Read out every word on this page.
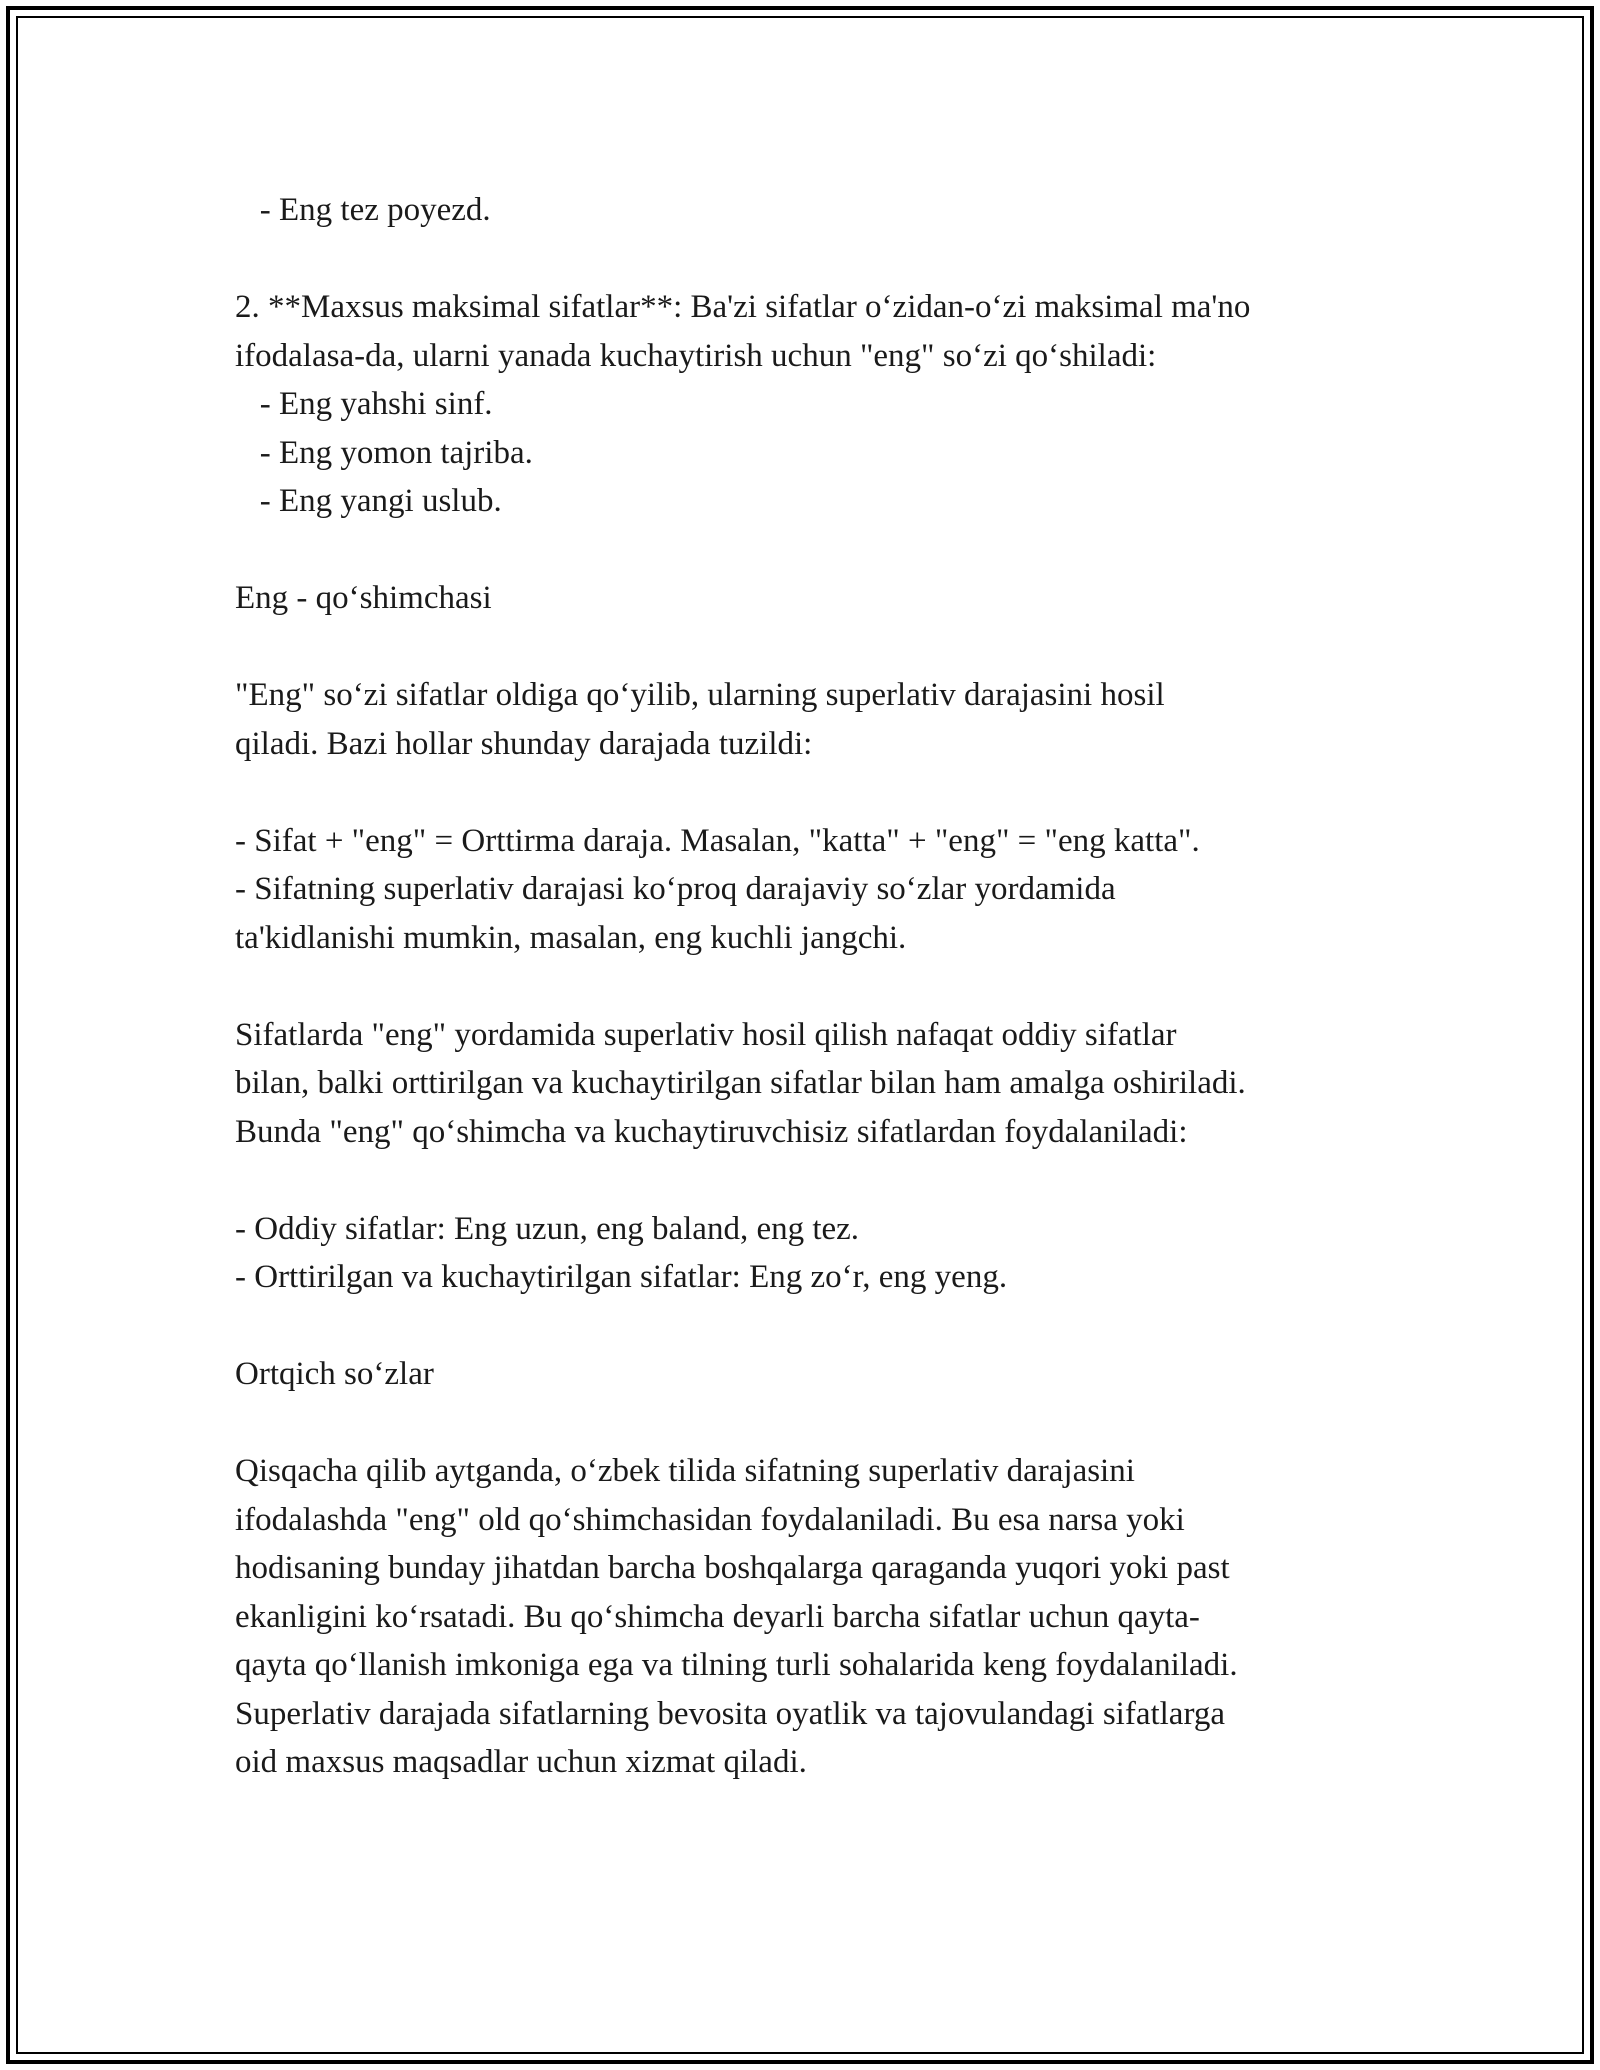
- Eng tez poyezd.
2. **Maxsus maksimal sifatlar**: Ba'zi sifatlar o‘zidan-o‘zi maksimal ma'no
ifodalasa-da, ularni yanada kuchaytirish uchun "eng" so‘zi qo‘shiladi:
- Eng yahshi sinf.
- Eng yomon tajriba.
- Eng yangi uslub.
Eng - qo‘shimchasi
"Eng" so‘zi sifatlar oldiga qo‘yilib, ularning superlativ darajasini hosil
qiladi. Bazi hollar shunday darajada tuzildi:
- Sifat + "eng" = Orttirma daraja. Masalan, "katta" + "eng" = "eng katta".
- Sifatning superlativ darajasi ko‘proq darajaviy so‘zlar yordamida
ta'kidlanishi mumkin, masalan, eng kuchli jangchi.
Sifatlarda "eng" yordamida superlativ hosil qilish nafaqat oddiy sifatlar
bilan, balki orttirilgan va kuchaytirilgan sifatlar bilan ham amalga oshiriladi.
Bunda "eng" qo‘shimcha va kuchaytiruvchisiz sifatlardan foydalaniladi:
- Oddiy sifatlar: Eng uzun, eng baland, eng tez.
- Orttirilgan va kuchaytirilgan sifatlar: Eng zo‘r, eng yeng.
Ortqich so‘zlar
Qisqacha qilib aytganda, o‘zbek tilida sifatning superlativ darajasini
ifodalashda "eng" old qo‘shimchasidan foydalaniladi. Bu esa narsa yoki
hodisaning bunday jihatdan barcha boshqalarga qaraganda yuqori yoki past
ekanligini ko‘rsatadi. Bu qo‘shimcha deyarli barcha sifatlar uchun qayta-
qayta qo‘llanish imkoniga ega va tilning turli sohalarida keng foydalaniladi.
Superlativ darajada sifatlarning bevosita oyatlik va tajovulandagi sifatlarga
oid maxsus maqsadlar uchun xizmat qiladi.
